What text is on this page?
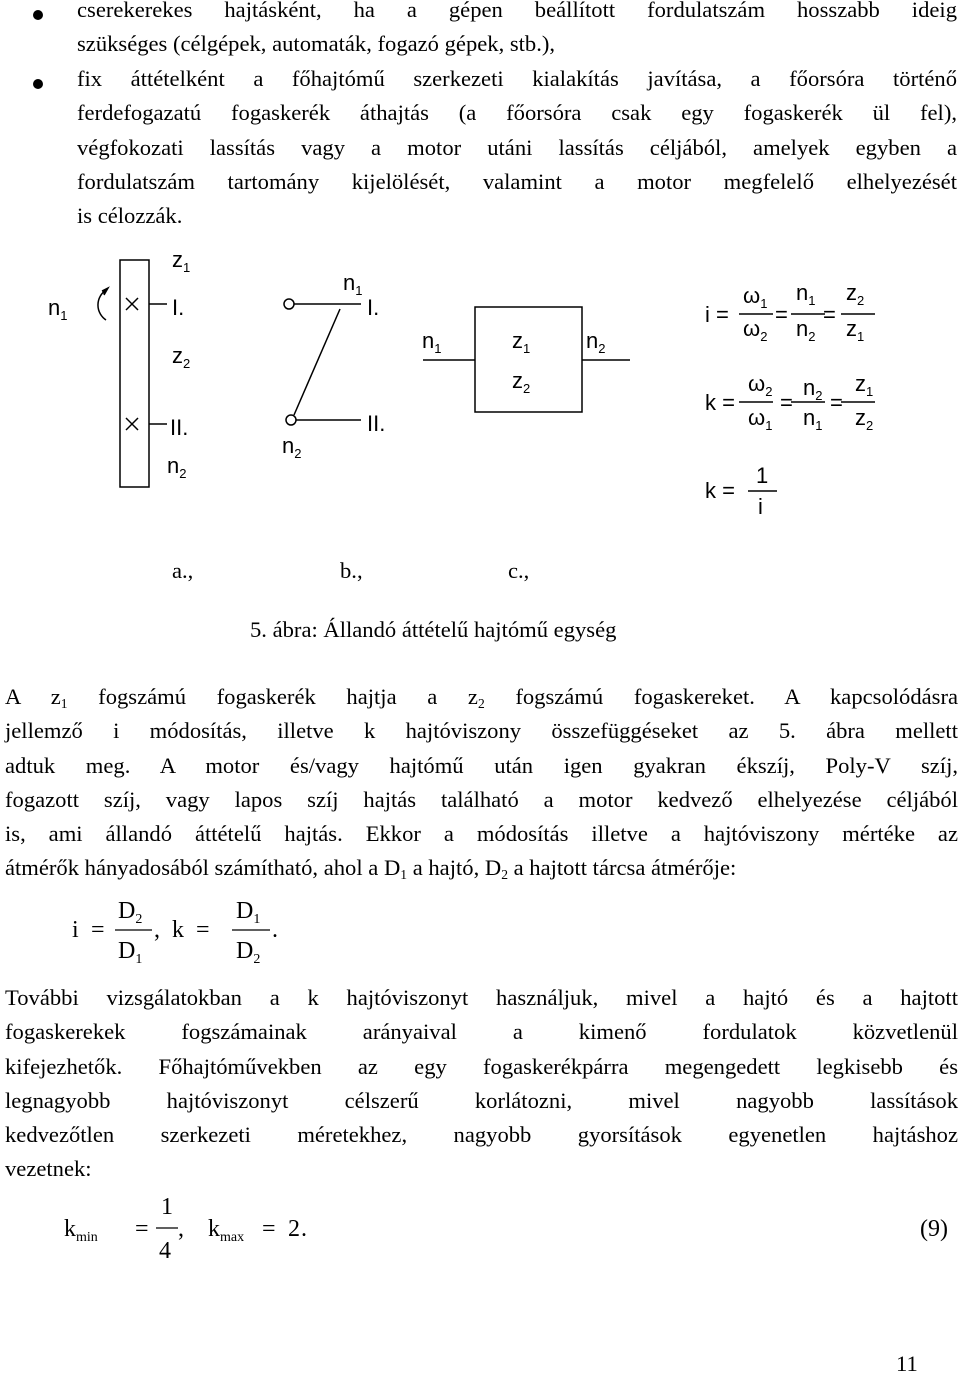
cserekerekes hajtásként, ha a gépen beállított fordulatszám hosszabb ideig
szükséges (célgépek, automaták, fogazó gépek, stb.),
fix áttételként a főhajtómű szerkezeti kialakítás javítása, a főorsóra történő
ferdefogazatú fogaskerék áthajtás (a főorsóra csak egy fogaskerék ül fel),
végfokozati lassítás vagy a motor utáni lassítás céljából, amelyek egyben a
fordulatszám tartomány kijelölését, valamint a motor megfelelő elhelyezését
is célozzák.
$n_1$
$z_1$
I.
$z_2$
II.
$n_2$
$n_1$
I.
II.
$n_2$
$n_1$	$z_1$
$z_2$
$n_2$
i =
$\omega_1$
$\omega_2$
=
$n_1$
$n_2$
=
$z_2$
$z_1$
k =
$\omega_2$
$\omega_1$
=
$n_2$
$n_1$
=
$z_1$
$z_2$
k =
1
i
a.,	b.,	c.,
5. ábra: Állandó áttételű hajtómű egység
A $z_1$ fogszámú fogaskerék hajtja a $z_2$ fogszámú fogaskereket. A kapcsolódásra
jellemző i módosítás, illetve k hajtóviszony összefüggéseket az 5. ábra mellett
adtuk meg. A motor és/vagy hajtómű után igen gyakran ékszíj, Poly-V szíj,
fogazott szíj, vagy lapos szíj hajtás található a motor kedvező elhelyezése céljából
is, ami állandó áttételű hajtás. Ekkor a módosítás illetve a hajtóviszony mértéke az
átmérők hányadosából számítható, ahol a $D_1$ a hajtó, $D_2$ a hajtott tárcsa átmérője:
i =
$D_2$
$D_1$
, k =
$D_1$
$D_2$
.
További vizsgálatokban a k hajtóviszonyt használjuk, mivel a hajtó és a hajtott
fogaskerekek fogszámainak arányaival a kimenő fordulatok közvetlenül
kifejezhetők. Főhajtóművekben az egy fogaskerékpárra megengedett legkisebb és
legnagyobb hajtóviszonyt célszerű korlátozni, mivel nagyobb lassítások
kedvezőtlen szerkezeti méretekhez, nagyobb gyorsítások egyenetlen hajtáshoz
vezetnek:
$k_{min}$ =
1
4
, $k_{max} = 2$ .	(9)
11
